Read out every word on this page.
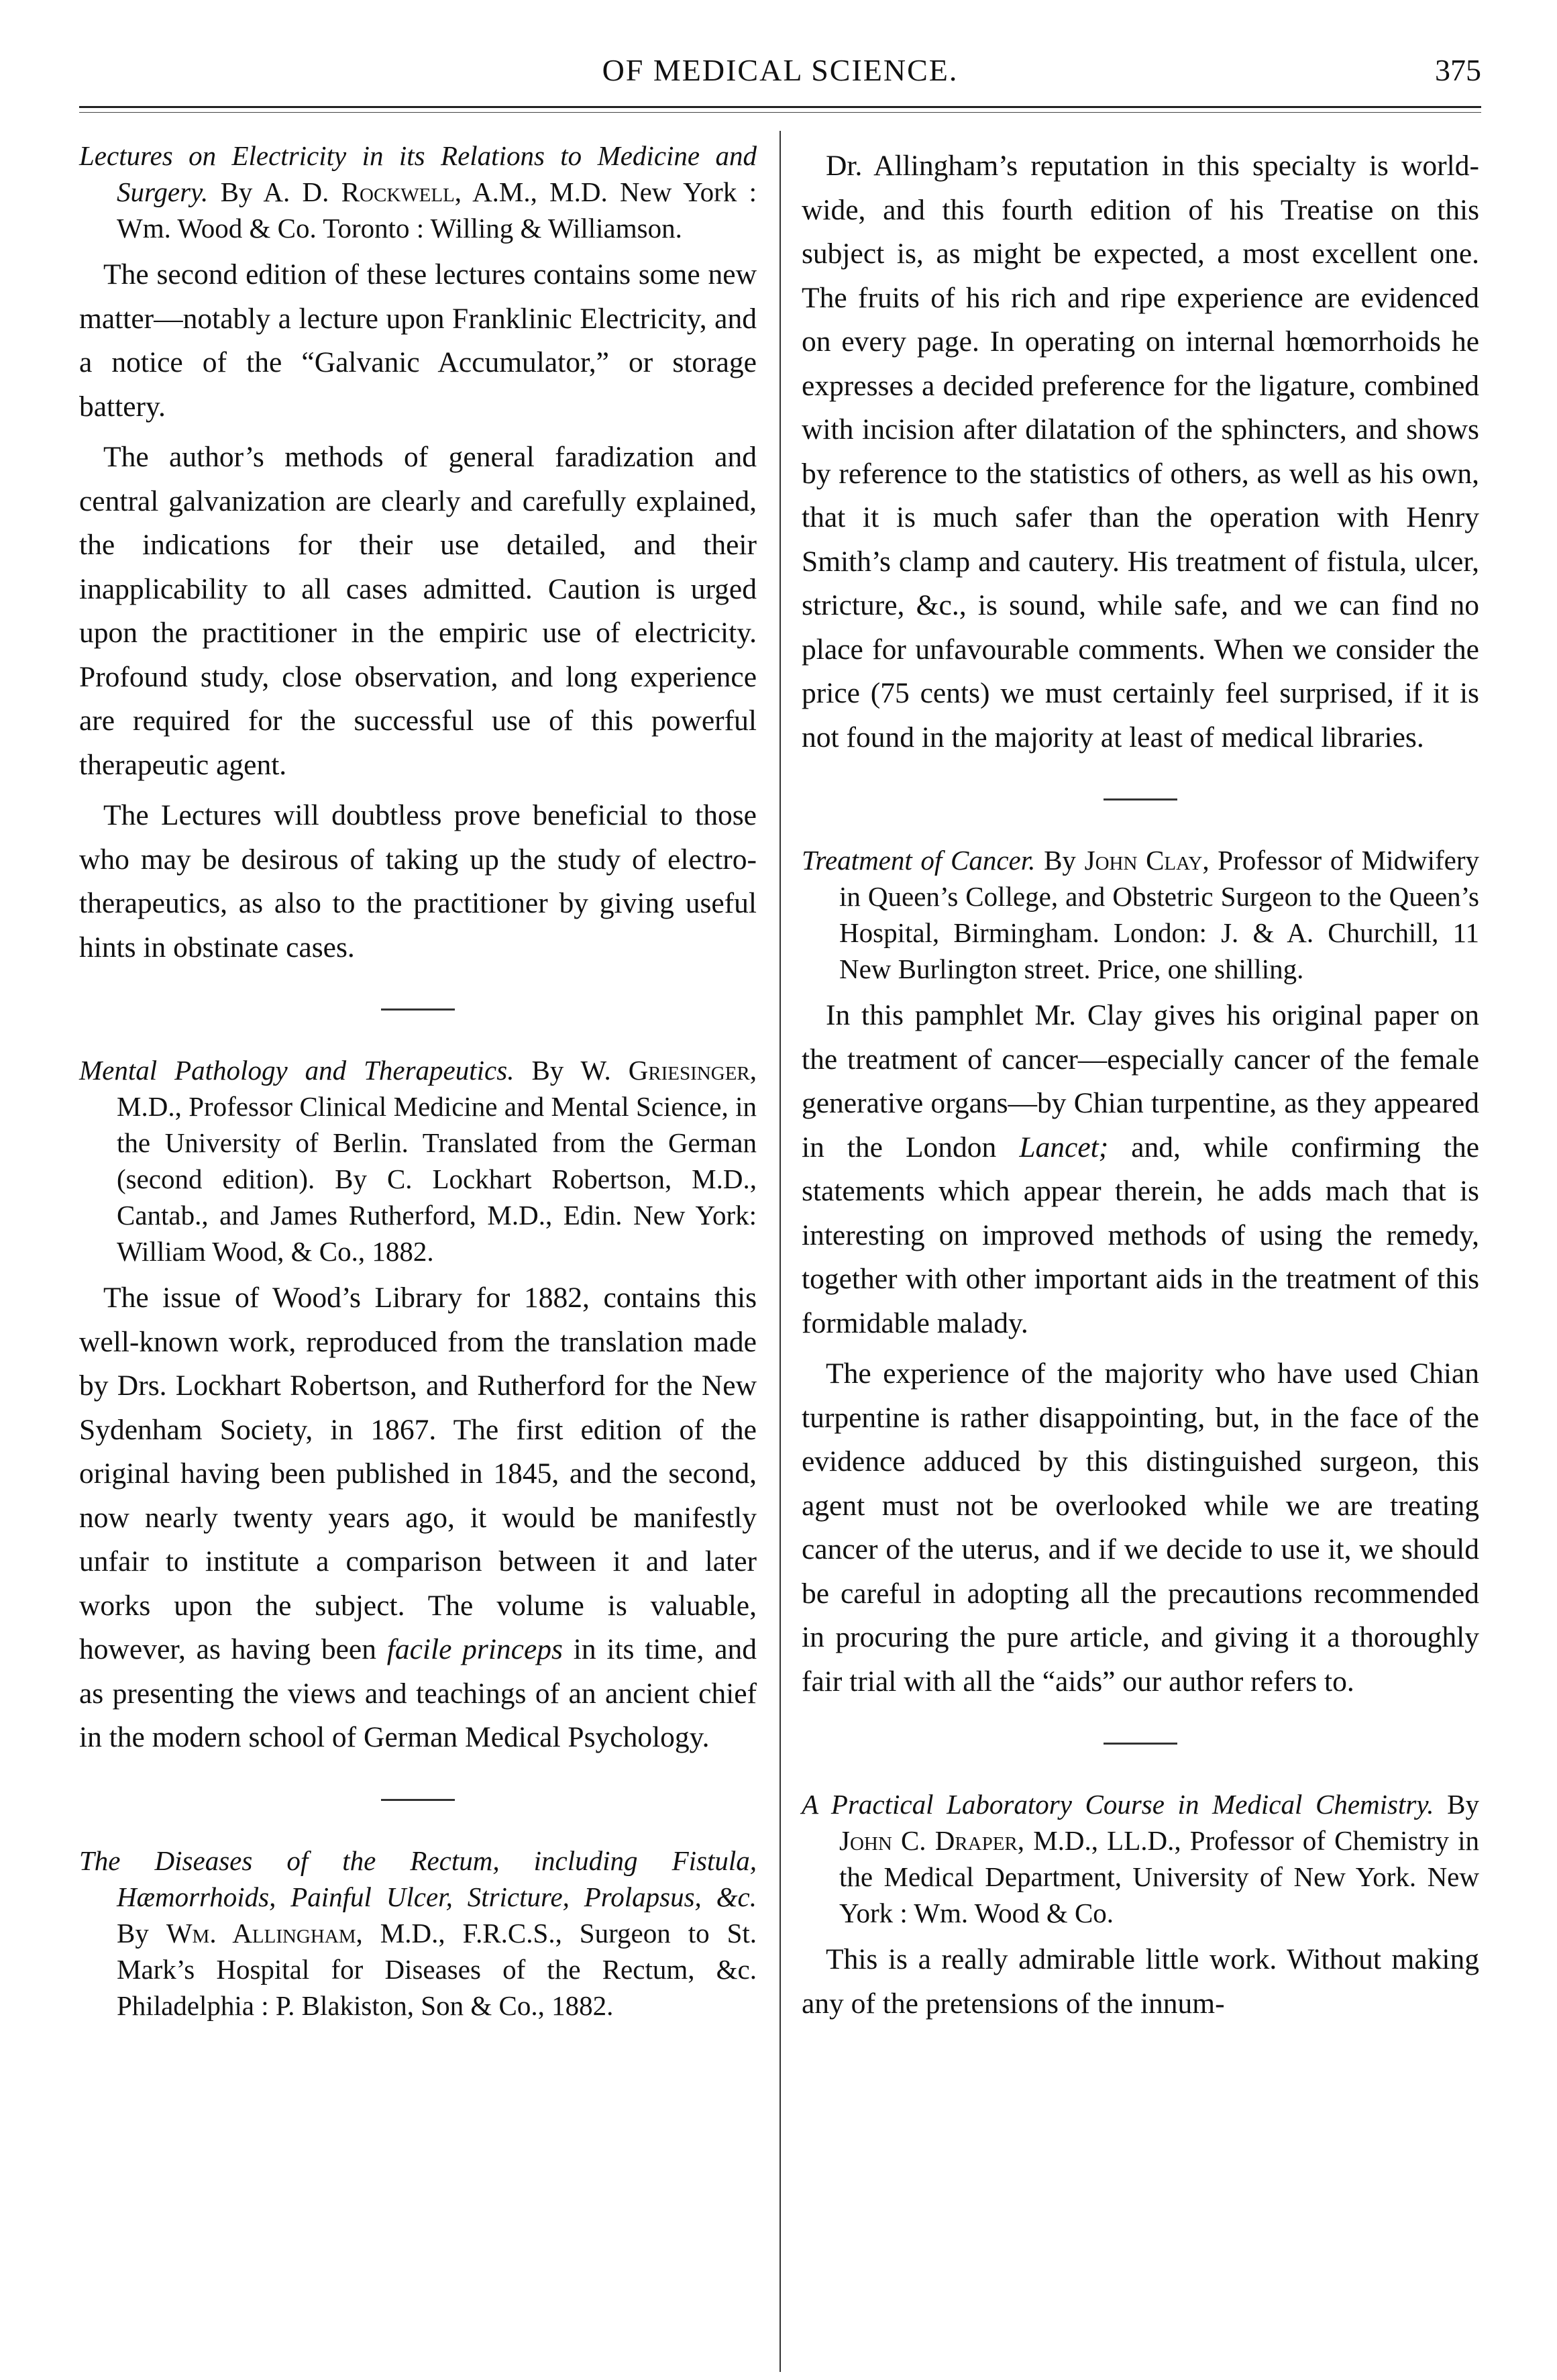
OF MEDICAL SCIENCE.	375

Lectures on Electricity in its Relations to Medicine and Surgery. By A. D. Rockwell, A.M., M.D. New York : Wm. Wood & Co. Toronto : Willing & Williamson.

The second edition of these lectures contains some new matter—notably a lecture upon Franklinic Electricity, and a notice of the “Galvanic Accumulator,” or storage battery.

The author’s methods of general faradization and central galvanization are clearly and carefully explained, the indications for their use detailed, and their inapplicability to all cases admitted. Caution is urged upon the practitioner in the empiric use of electricity. Profound study, close observation, and long experience are required for the successful use of this powerful therapeutic agent.

The Lectures will doubtless prove beneficial to those who may be desirous of taking up the study of electro-therapeutics, as also to the practitioner by giving useful hints in obstinate cases.

Mental Pathology and Therapeutics. By W. Griesinger, M.D., Professor Clinical Medicine and Mental Science, in the University of Berlin. Translated from the German (second edition). By C. Lockhart Robertson, M.D., Cantab., and James Rutherford, M.D., Edin. New York: William Wood, & Co., 1882.

The issue of Wood’s Library for 1882, contains this well-known work, reproduced from the translation made by Drs. Lockhart Robertson, and Rutherford for the New Sydenham Society, in 1867. The first edition of the original having been published in 1845, and the second, now nearly twenty years ago, it would be manifestly unfair to institute a comparison between it and later works upon the subject. The volume is valuable, however, as having been facile princeps in its time, and as presenting the views and teachings of an ancient chief in the modern school of German Medical Psychology.

The Diseases of the Rectum, including Fistula, Hæmorrhoids, Painful Ulcer, Stricture, Prolapsus, &c. By Wm. Allingham, M.D., F.R.C.S., Surgeon to St. Mark’s Hospital for Diseases of the Rectum, &c. Philadelphia : P. Blakiston, Son & Co., 1882.

Dr. Allingham’s reputation in this specialty is world-wide, and this fourth edition of his Treatise on this subject is, as might be expected, a most excellent one. The fruits of his rich and ripe experience are evidenced on every page. In operating on internal hœmorrhoids he expresses a decided preference for the ligature, combined with incision after dilatation of the sphincters, and shows by reference to the statistics of others, as well as his own, that it is much safer than the operation with Henry Smith’s clamp and cautery. His treatment of fistula, ulcer, stricture, &c., is sound, while safe, and we can find no place for unfavourable comments. When we consider the price (75 cents) we must certainly feel surprised, if it is not found in the majority at least of medical libraries.

Treatment of Cancer. By John Clay, Professor of Midwifery in Queen’s College, and Obstetric Surgeon to the Queen’s Hospital, Birmingham. London: J. & A. Churchill, 11 New Burlington street. Price, one shilling.

In this pamphlet Mr. Clay gives his original paper on the treatment of cancer—especially cancer of the female generative organs—by Chian turpentine, as they appeared in the London Lancet; and, while confirming the statements which appear therein, he adds mach that is interesting on improved methods of using the remedy, together with other important aids in the treatment of this formidable malady.

The experience of the majority who have used Chian turpentine is rather disappointing, but, in the face of the evidence adduced by this distinguished surgeon, this agent must not be overlooked while we are treating cancer of the uterus, and if we decide to use it, we should be careful in adopting all the precautions recommended in procuring the pure article, and giving it a thoroughly fair trial with all the “aids” our author refers to.

A Practical Laboratory Course in Medical Chemistry. By John C. Draper, M.D., LL.D., Professor of Chemistry in the Medical Department, University of New York. New York : Wm. Wood & Co.

This is a really admirable little work. Without making any of the pretensions of the innum-
